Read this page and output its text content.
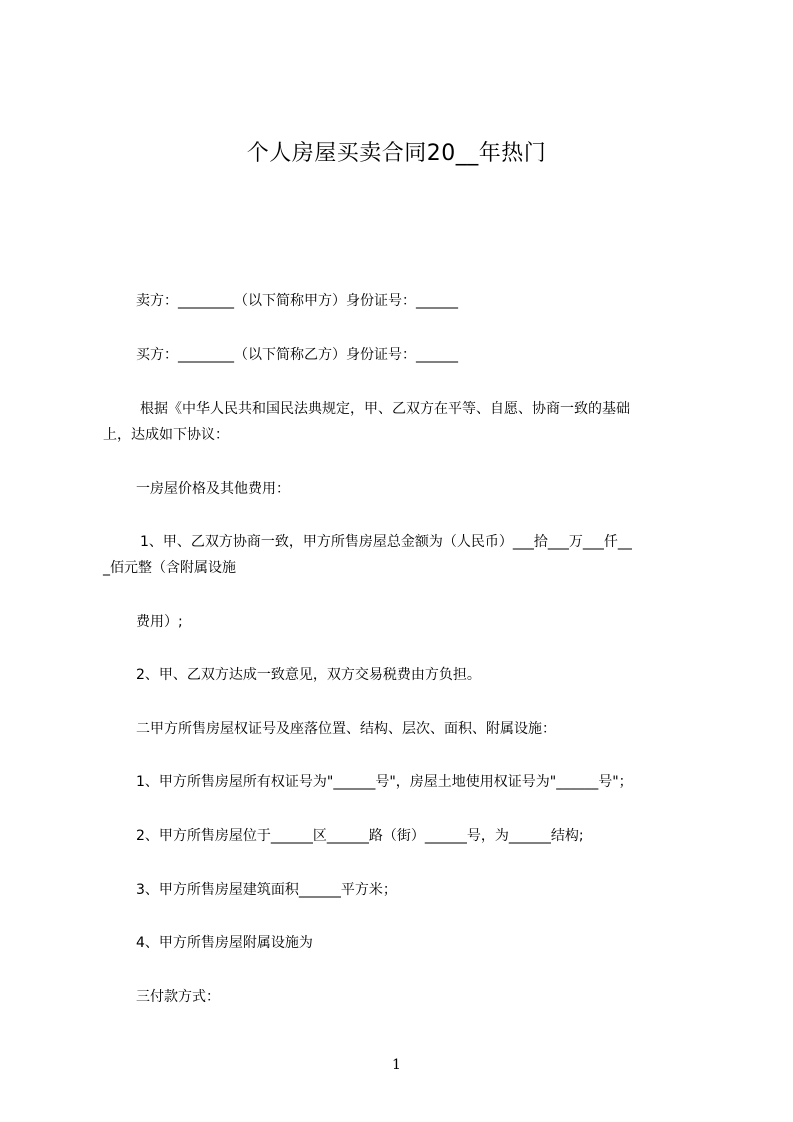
个人房屋买卖合同20__年热门
卖方：________（以下简称甲方）身份证号：______
买方：________（以下简称乙方）身份证号：______
根据《中华人民共和国民法典规定，甲、乙双方在平等、自愿、协商一致的基础
上，达成如下协议：
一房屋价格及其他费用：
1、甲、乙双方协商一致，甲方所售房屋总金额为（人民币）___拾___万___仟__
_佰元整（含附属设施
费用）;
2、甲、乙双方达成一致意见，双方交易税费由方负担。
二甲方所售房屋权证号及座落位置、结构、层次、面积、附属设施：
1、甲方所售房屋所有权证号为"______号"，房屋土地使用权证号为"______号"；
2、甲方所售房屋位于______区______路（街）______号，为______结构;
3、甲方所售房屋建筑面积______平方米；
4、甲方所售房屋附属设施为
三付款方式：
1
